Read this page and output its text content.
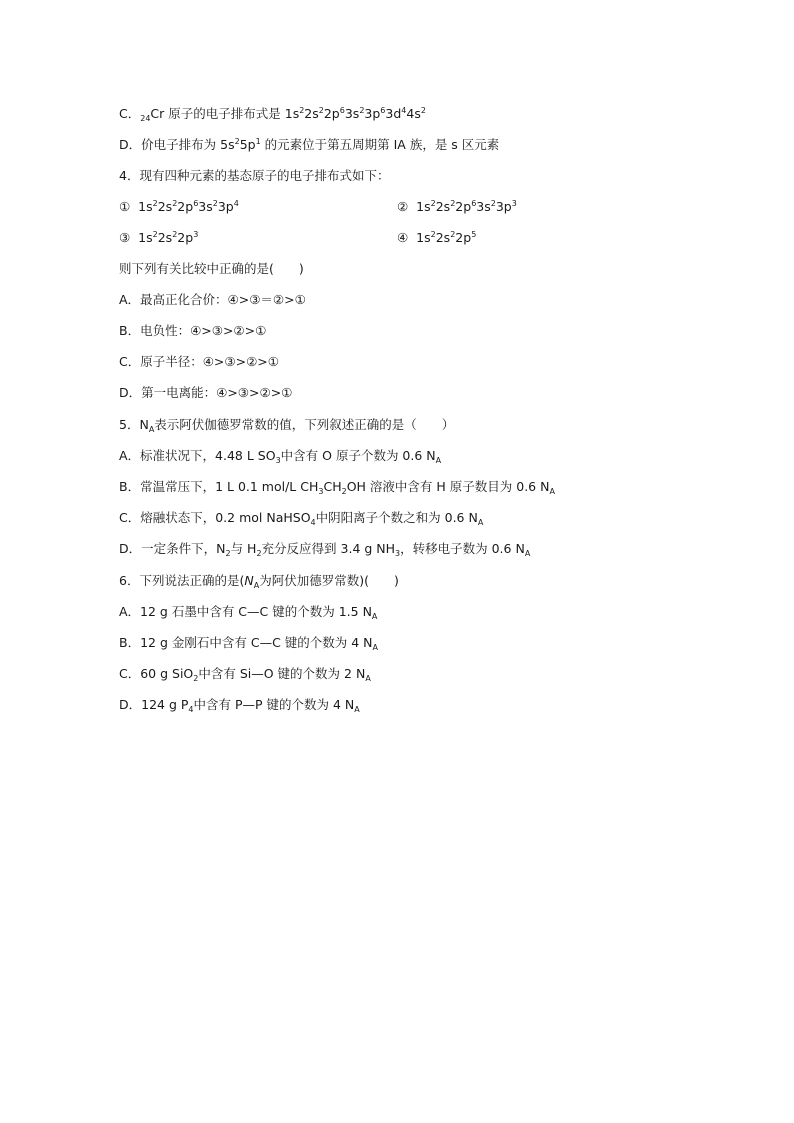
C．$_{24}$Cr 原子的电子排布式是 $1s^22s^22p^63s^23p^63d^44s^2$
D．价电子排布为 $5s^25p^1$ 的元素位于第五周期第 ⅠA 族，是 s 区元素
4．现有四种元素的基态原子的电子排布式如下：
① $1s^22s^22p^63s^23p^4$	② $1s^22s^22p^63s^23p^3$
③ $1s^22s^22p^3$	④ $1s^22s^22p^5$
则下列有关比较中正确的是(　　)
A．最高正化合价：④>③＝②>①
B．电负性：④>③>②>①
C．原子半径：④>③>②>①
D．第一电离能：④>③>②>①
5．$N_A$表示阿伏伽德罗常数的值，下列叙述正确的是（　　）
A．标准状况下，4.48 L $SO_3$中含有 O 原子个数为 0.6 $N_A$
B．常温常压下，1 L 0.1 mol/L $CH_3CH_2OH$ 溶液中含有 H 原子数目为 0.6 $N_A$
C．熔融状态下，0.2 mol NaHSO$_4$中阴阳离子个数之和为 0.6 $N_A$
D．一定条件下，$N_2$与 $H_2$充分反应得到 3.4 g $NH_3$，转移电子数为 0.6 $N_A$
6．下列说法正确的是($N_A$为阿伏加德罗常数)(　　)
A．12 g 石墨中含有 C—C 键的个数为 1.5 $N_A$
B．12 g 金刚石中含有 C—C 键的个数为 4 $N_A$
C．60 g SiO$_2$中含有 Si—O 键的个数为 2 $N_A$
D．124 g $P_4$中含有 P—P 键的个数为 4 $N_A$
